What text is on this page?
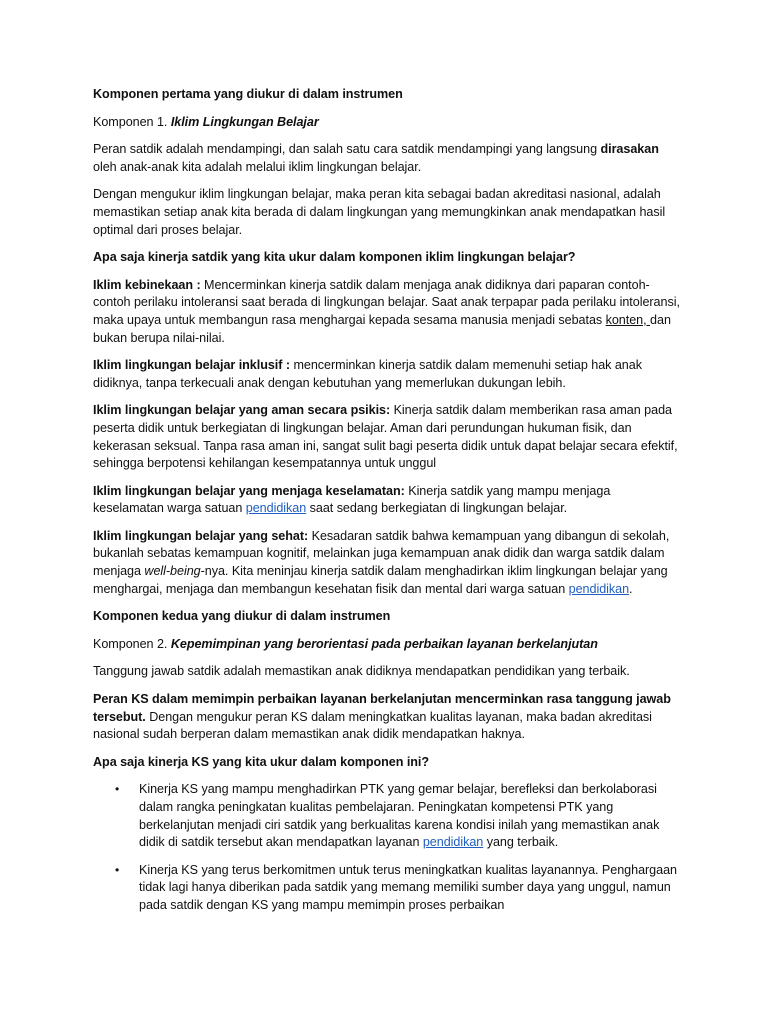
Komponen pertama yang diukur di dalam instrumen

Komponen 1. Iklim Lingkungan Belajar

Peran satdik adalah mendampingi, dan salah satu cara satdik mendampingi yang langsung dirasakan oleh anak-anak kita adalah melalui iklim lingkungan belajar.

Dengan mengukur iklim lingkungan belajar, maka peran kita sebagai badan akreditasi nasional, adalah memastikan setiap anak kita berada di dalam lingkungan yang memungkinkan anak mendapatkan hasil optimal dari proses belajar.

Apa saja kinerja satdik yang kita ukur dalam komponen iklim lingkungan belajar?

Iklim kebinekaan : Mencerminkan kinerja satdik dalam menjaga anak didiknya dari paparan contoh-contoh perilaku intoleransi saat berada di lingkungan belajar. Saat anak terpapar pada perilaku intoleransi, maka upaya untuk membangun rasa menghargai kepada sesama manusia menjadi sebatas konten, dan bukan berupa nilai-nilai.

Iklim lingkungan belajar inklusif : mencerminkan kinerja satdik dalam memenuhi setiap hak anak didiknya, tanpa terkecuali anak dengan kebutuhan yang memerlukan dukungan lebih.

Iklim lingkungan belajar yang aman secara psikis: Kinerja satdik dalam memberikan rasa aman pada peserta didik untuk berkegiatan di lingkungan belajar. Aman dari perundungan hukuman fisik, dan kekerasan seksual. Tanpa rasa aman ini, sangat sulit bagi peserta didik untuk dapat belajar secara efektif, sehingga berpotensi kehilangan kesempatannya untuk unggul

Iklim lingkungan belajar yang menjaga keselamatan: Kinerja satdik yang mampu menjaga keselamatan warga satuan pendidikan saat sedang berkegiatan di lingkungan belajar.

Iklim lingkungan belajar yang sehat: Kesadaran satdik bahwa kemampuan yang dibangun di sekolah, bukanlah sebatas kemampuan kognitif, melainkan juga kemampuan anak didik dan warga satdik dalam menjaga well-being-nya. Kita meninjau kinerja satdik dalam menghadirkan iklim lingkungan belajar yang menghargai, menjaga dan membangun kesehatan fisik dan mental dari warga satuan pendidikan.

Komponen kedua yang diukur di dalam instrumen

Komponen 2. Kepemimpinan yang berorientasi pada perbaikan layanan berkelanjutan

Tanggung jawab satdik adalah memastikan anak didiknya mendapatkan pendidikan yang terbaik.

Peran KS dalam memimpin perbaikan layanan berkelanjutan mencerminkan rasa tanggung jawab tersebut. Dengan mengukur peran KS dalam meningkatkan kualitas layanan, maka badan akreditasi nasional sudah berperan dalam memastikan anak didik mendapatkan haknya.

Apa saja kinerja KS yang kita ukur dalam komponen ini?

• Kinerja KS yang mampu menghadirkan PTK yang gemar belajar, berefleksi dan berkolaborasi dalam rangka peningkatan kualitas pembelajaran. Peningkatan kompetensi PTK yang berkelanjutan menjadi ciri satdik yang berkualitas karena kondisi inilah yang memastikan anak didik di satdik tersebut akan mendapatkan layanan pendidikan yang terbaik.
• Kinerja KS yang terus berkomitmen untuk terus meningkatkan kualitas layanannya. Penghargaan tidak lagi hanya diberikan pada satdik yang memang memiliki sumber daya yang unggul, namun pada satdik dengan KS yang mampu memimpin proses perbaikan
